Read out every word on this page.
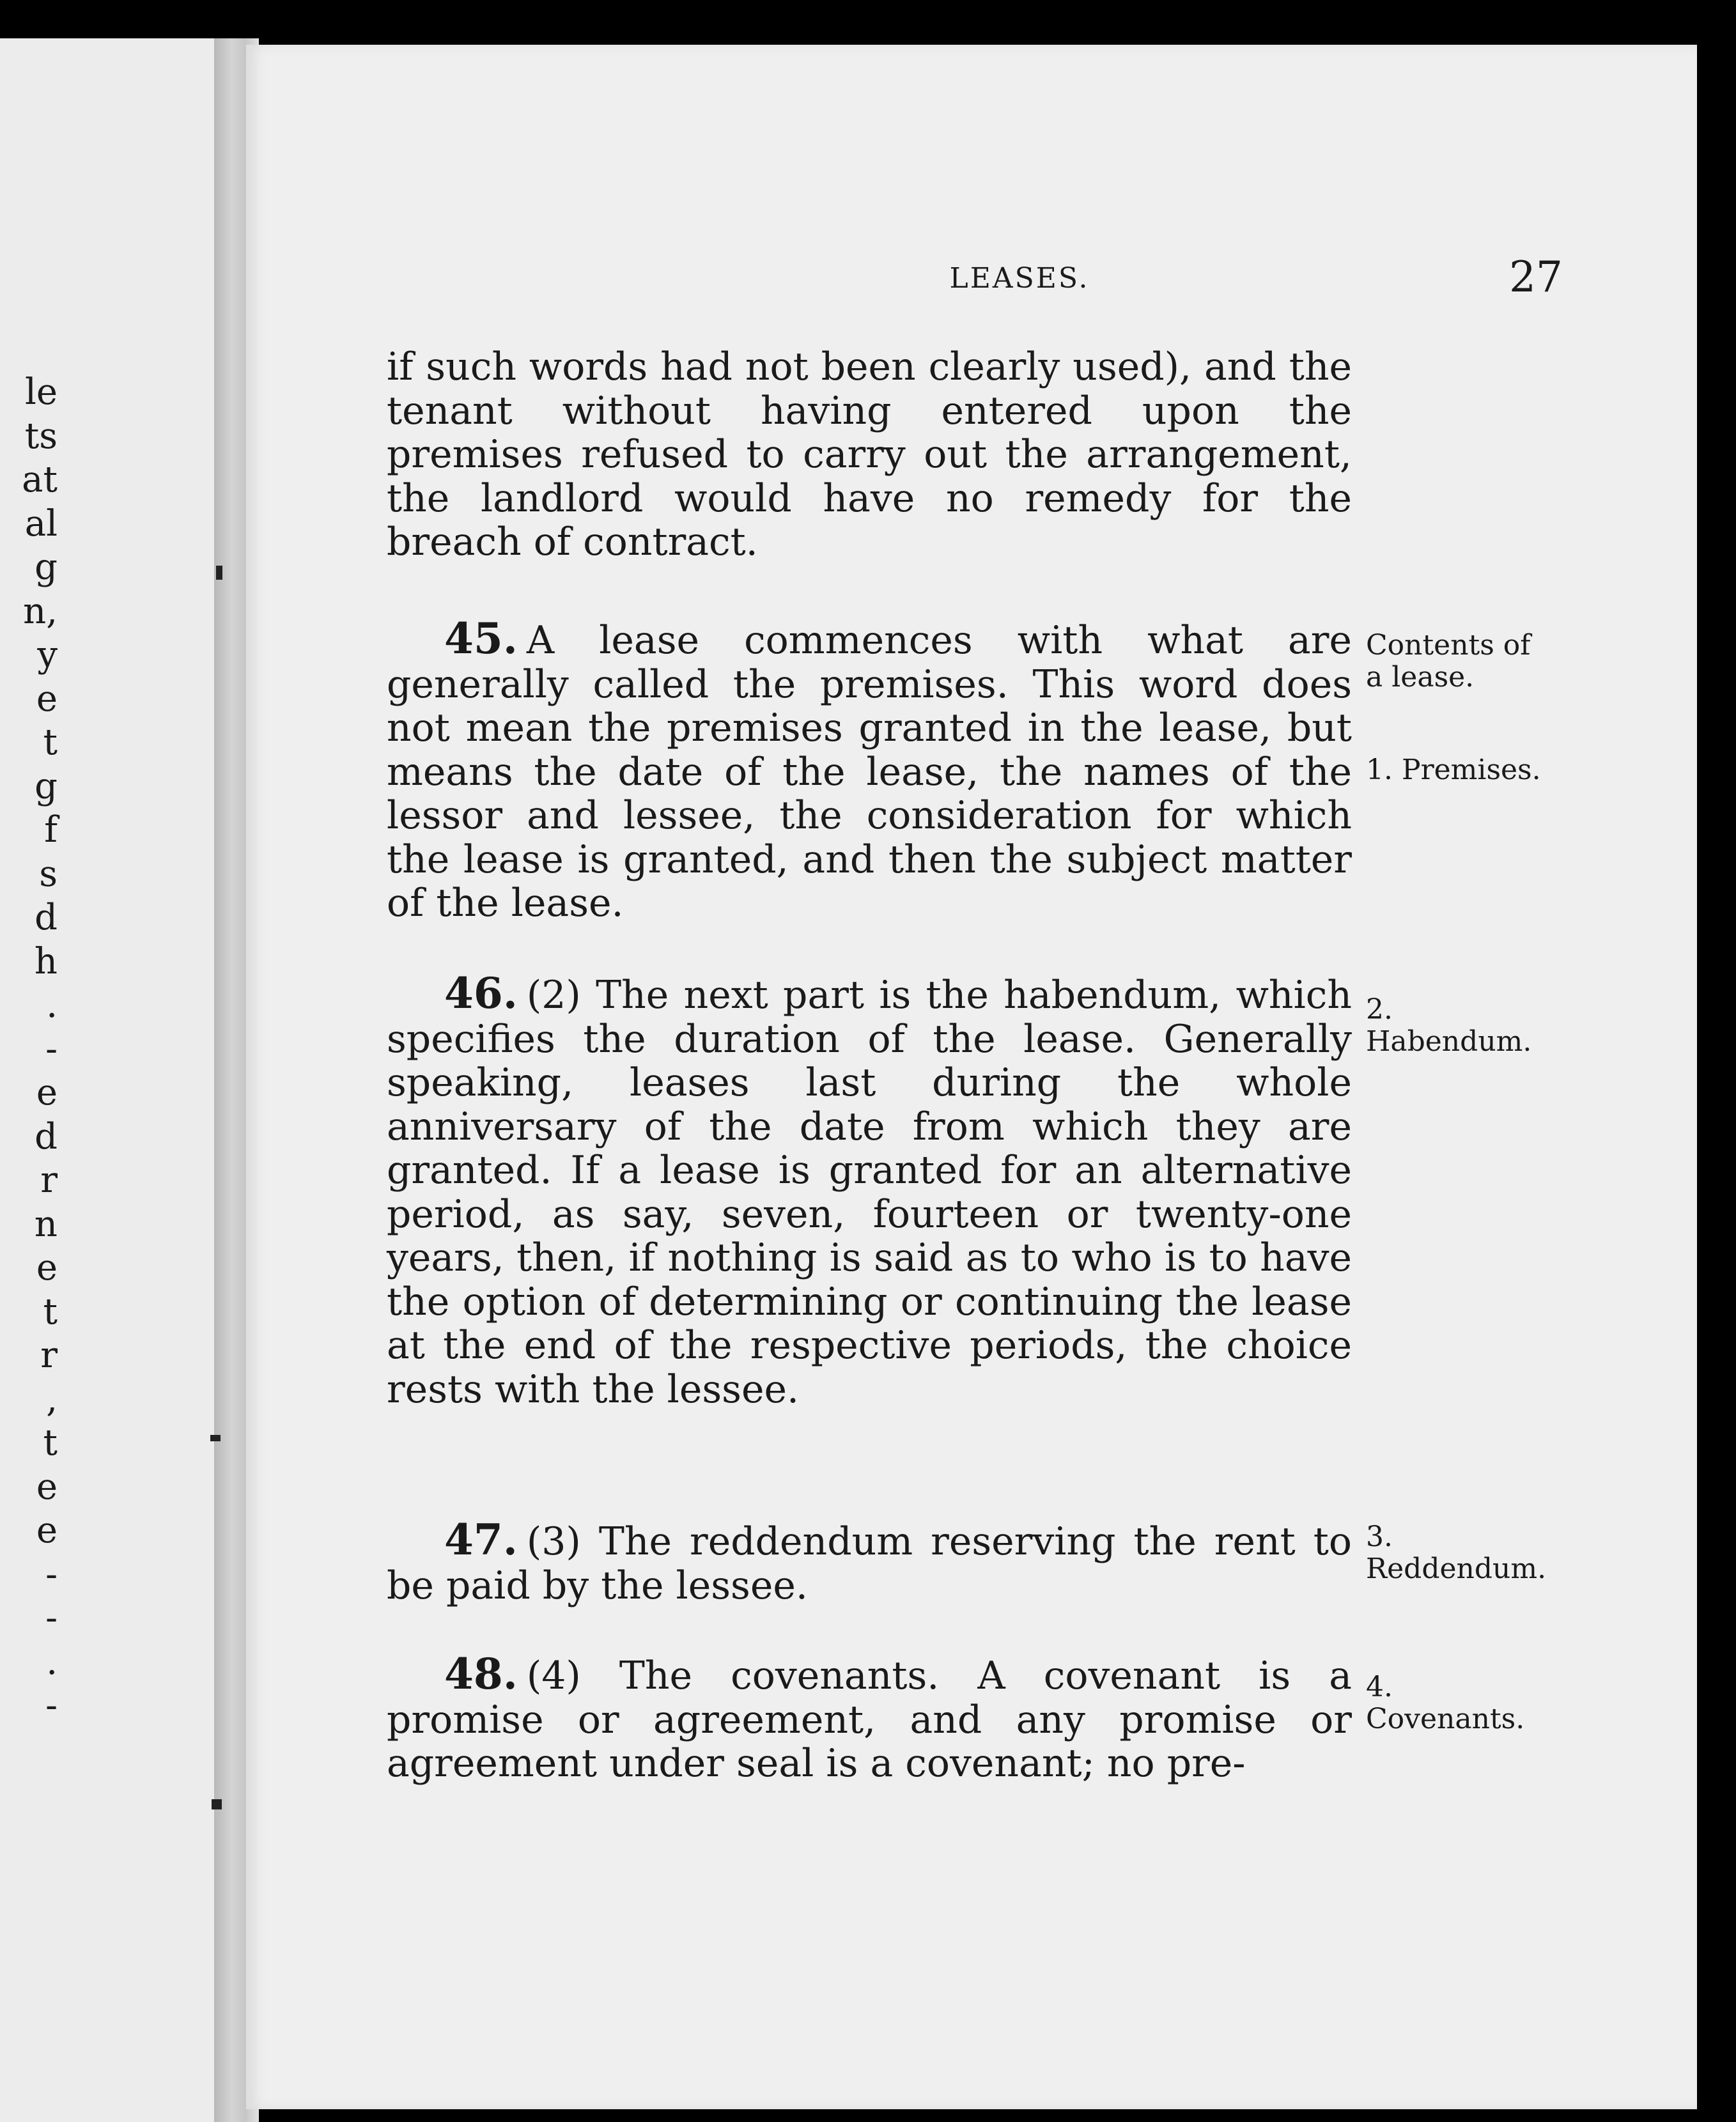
le
ts
at
al
g
n,
y
e
t
g
f
s
d
h
.
-
e
d
r
n
e
t
r
,
t
e
e
-
-
.
-
LEASES.	27
if such words had not been clearly used), and the tenant without having entered upon the premises refused to carry out the arrangement, the landlord would have no remedy for the breach of contract.
45. A lease commences with what are generally called the premises. This word does not mean the premises granted in the lease, but means the date of the lease, the names of the lessor and lessee, the consideration for which the lease is granted, and then the subject matter of the lease.
46. (2) The next part is the habendum, which specifies the duration of the lease. Generally speaking, leases last during the whole anniversary of the date from which they are granted. If a lease is granted for an alternative period, as say, seven, fourteen or twenty-one years, then, if nothing is said as to who is to have the option of determining or continuing the lease at the end of the respective periods, the choice rests with the lessee.
47. (3) The reddendum reserving the rent to be paid by the lessee.
48. (4) The covenants. A covenant is a promise or agreement, and any promise or agreement under seal is a covenant; no pre-
Contents of a lease.
1. Premises.
2. Habendum.
3. Reddendum.
4. Covenants.
